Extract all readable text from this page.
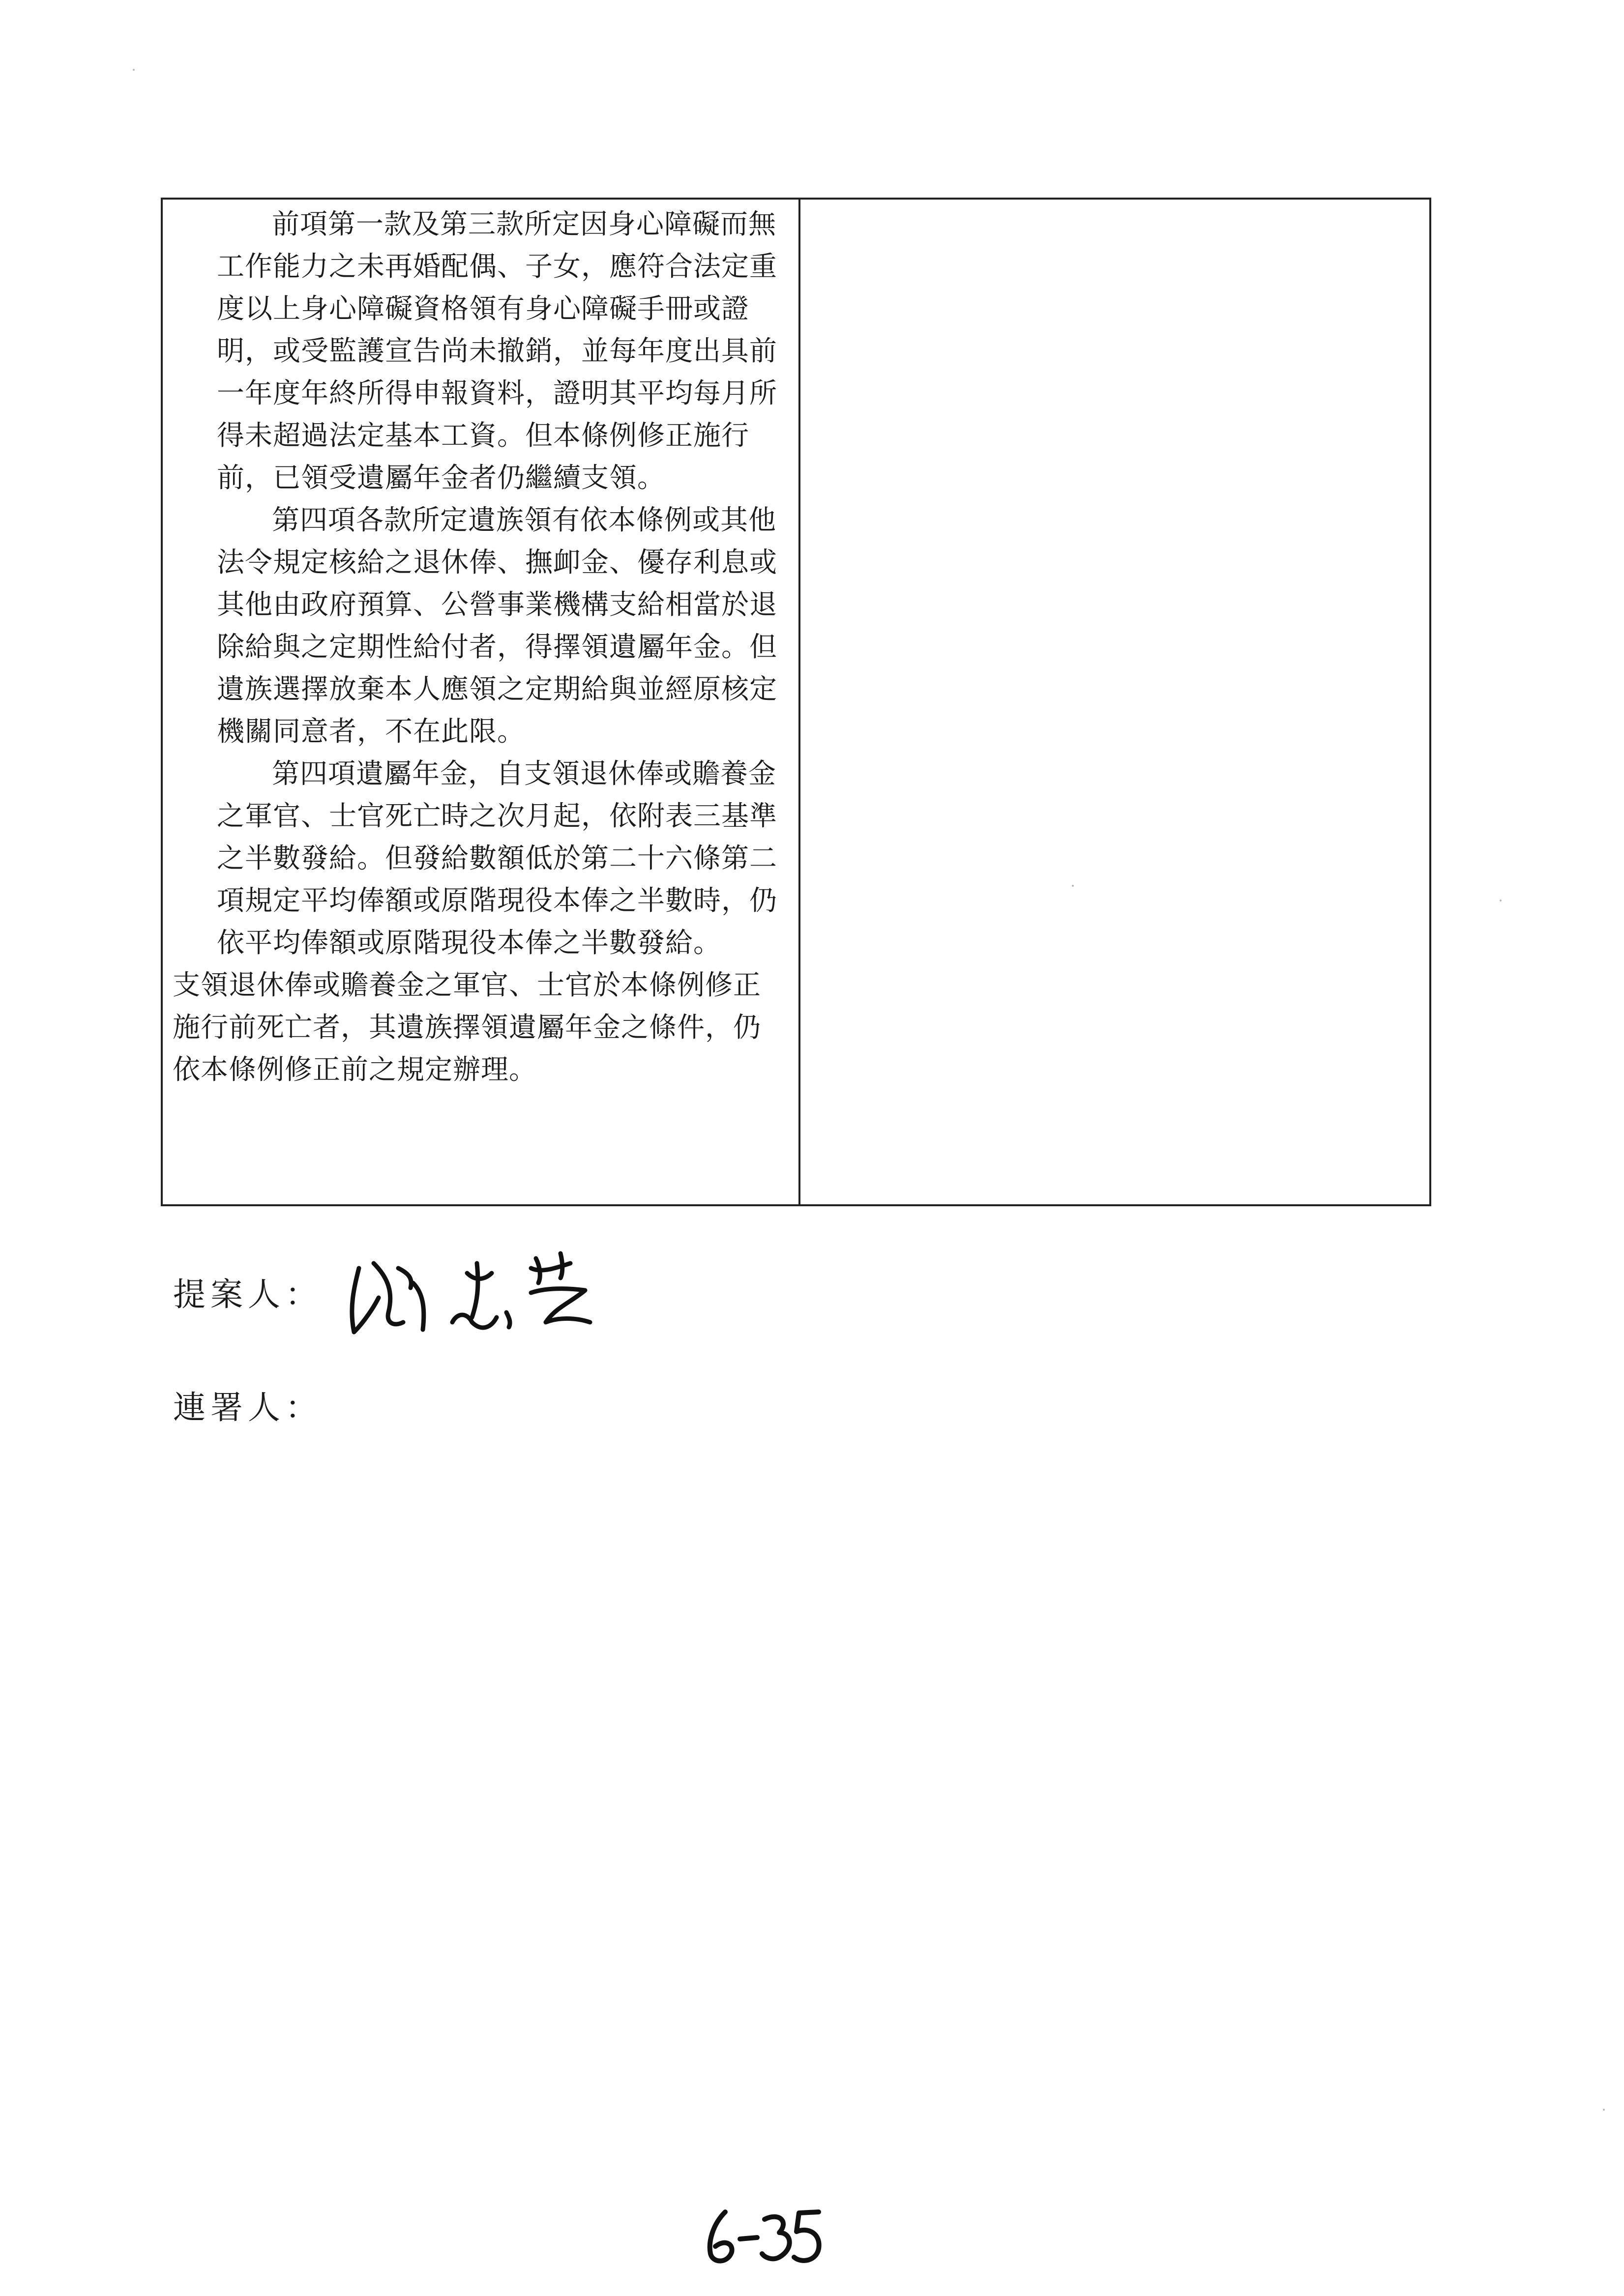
前項第一款及第三款所定因身心障礙而無工作能力之未再婚配偶、子女，應符合法定重度以上身心障礙資格領有身心障礙手冊或證明，或受監護宣告尚未撤銷，並每年度出具前一年度年終所得申報資料，證明其平均每月所得未超過法定基本工資。但本條例修正施行前，已領受遺屬年金者仍繼續支領。

第四項各款所定遺族領有依本條例或其他法令規定核給之退休俸、撫卹金、優存利息或其他由政府預算、公營事業機構支給相當於退除給與之定期性給付者，得擇領遺屬年金。但遺族選擇放棄本人應領之定期給與並經原核定機關同意者，不在此限。

第四項遺屬年金，自支領退休俸或贍養金之軍官、士官死亡時之次月起，依附表三基準之半數發給。但發給數額低於第二十六條第二項規定平均俸額或原階現役本俸之半數時，仍依平均俸額或原階現役本俸之半數發給。

支領退休俸或贍養金之軍官、士官於本條例修正施行前死亡者，其遺族擇領遺屬年金之條件，仍依本條例修正前之規定辦理。

提案人：
連署人：
